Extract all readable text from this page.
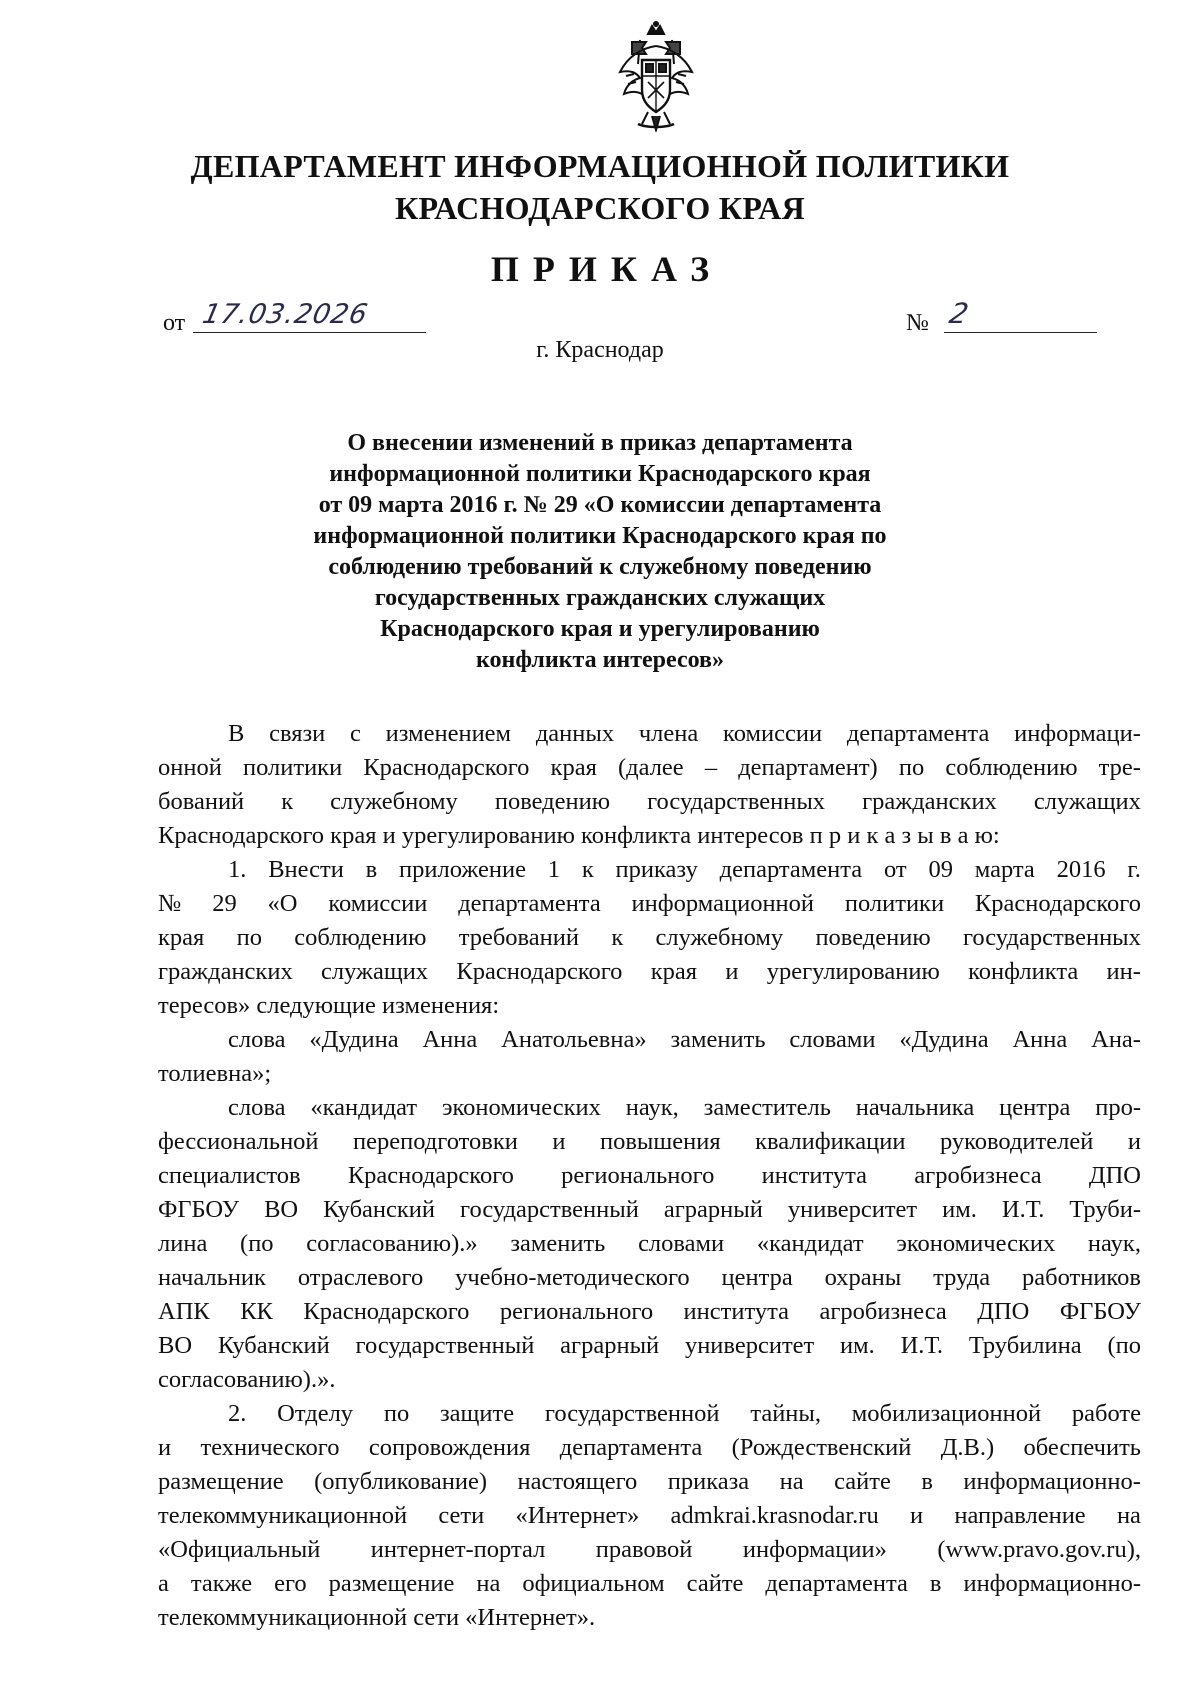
ДЕПАРТАМЕНТ ИНФОРМАЦИОННОЙ ПОЛИТИКИ
КРАСНОДАРСКОГО КРАЯ
ПРИКАЗ
от 17.03.2026	№ 2
г. Краснодар
О внесении изменений в приказ департамента
информационной политики Краснодарского края
от 09 марта 2016 г. № 29 «О комиссии департамента
информационной политики Краснодарского края по
соблюдению требований к служебному поведению
государственных гражданских служащих
Краснодарского края и урегулированию
конфликта интересов»
В связи с изменением данных члена комиссии департамента информаци-
онной политики Краснодарского края (далее – департамент) по соблюдению тре-
бований к служебному поведению государственных гражданских служащих
Краснодарского края и урегулированию конфликта интересов п р и к а з ы в а ю:
1. Внести в приложение 1 к приказу департамента от 09 марта 2016 г.
№ 29 «О комиссии департамента информационной политики Краснодарского
края по соблюдению требований к служебному поведению государственных
гражданских служащих Краснодарского края и урегулированию конфликта ин-
тересов» следующие изменения:
слова «Дудина Анна Анатольевна» заменить словами «Дудина Анна Ана-
толиевна»;
слова «кандидат экономических наук, заместитель начальника центра про-
фессиональной переподготовки и повышения квалификации руководителей и
специалистов Краснодарского регионального института агробизнеса ДПО
ФГБОУ ВО Кубанский государственный аграрный университет им. И.Т. Труби-
лина (по согласованию).» заменить словами «кандидат экономических наук,
начальник отраслевого учебно-методического центра охраны труда работников
АПК КК Краснодарского регионального института агробизнеса ДПО ФГБОУ
ВО Кубанский государственный аграрный университет им. И.Т. Трубилина (по
согласованию).».
2. Отделу по защите государственной тайны, мобилизационной работе
и технического сопровождения департамента (Рождественский Д.В.) обеспечить
размещение (опубликование) настоящего приказа на сайте в информационно-
телекоммуникационной сети «Интернет» admkrai.krasnodar.ru и направление на
«Официальный интернет-портал правовой информации» (www.pravo.gov.ru),
а также его размещение на официальном сайте департамента в информационно-
телекоммуникационной сети «Интернет».
